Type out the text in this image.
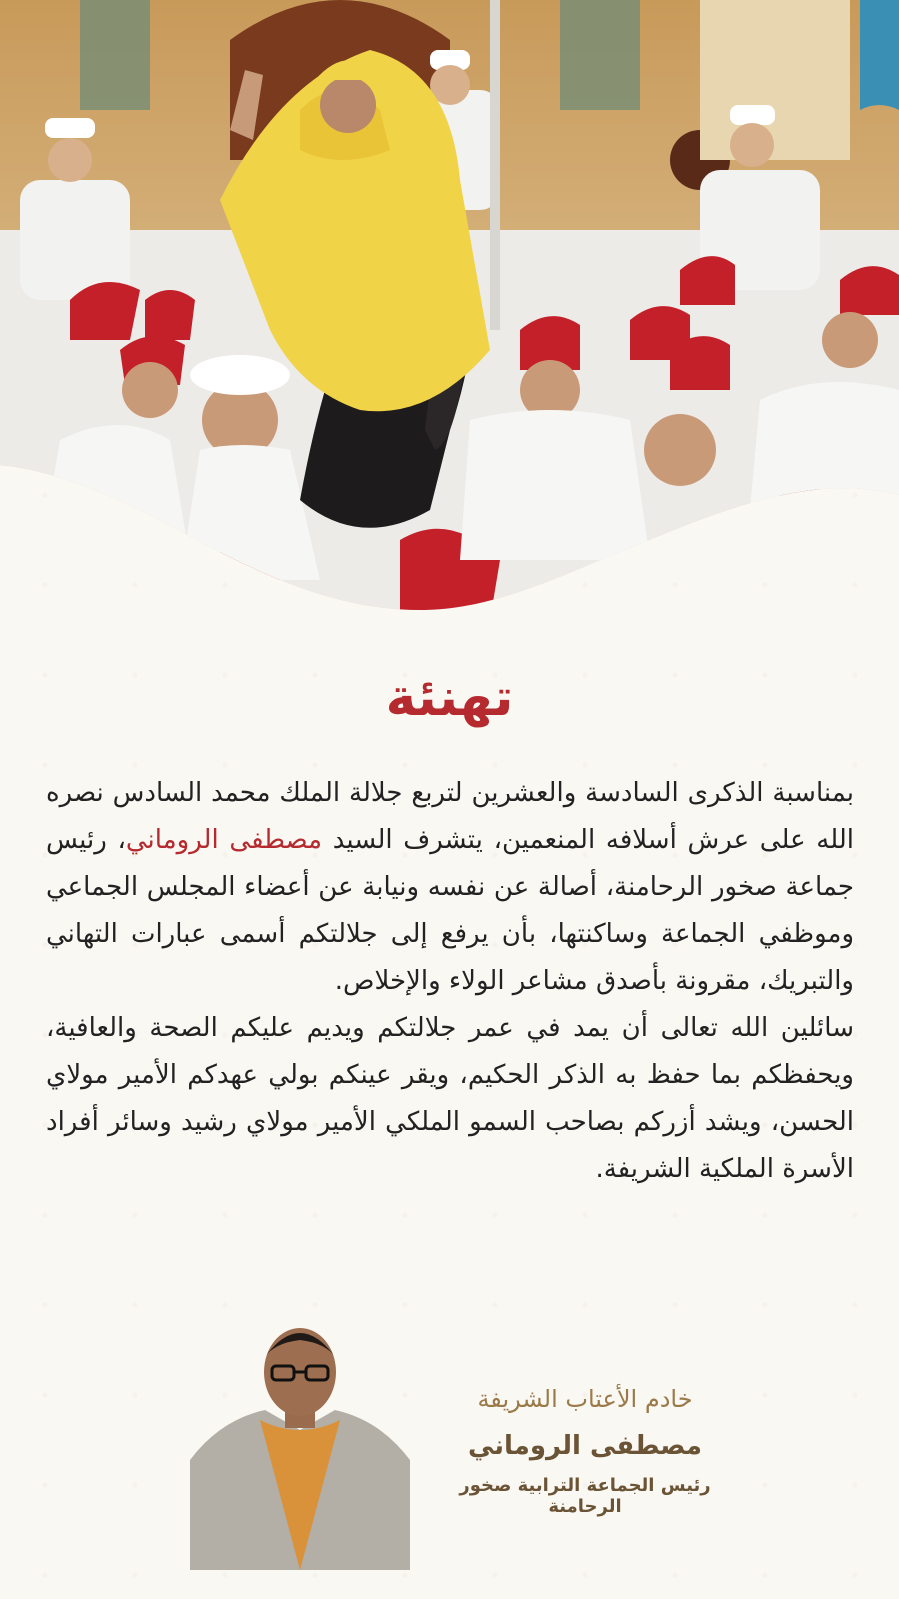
تهنئة

بمناسبة الذكرى السادسة والعشرين لتربع جلالة الملك محمد السادس نصره الله على عرش أسلافه المنعمين، يتشرف السيد مصطفى الروماني، رئيس جماعة صخور الرحامنة، أصالة عن نفسه ونيابة عن أعضاء المجلس الجماعي وموظفي الجماعة وساكنتها، بأن يرفع إلى جلالتكم أسمى عبارات التهاني والتبريك، مقرونة بأصدق مشاعر الولاء والإخلاص.

سائلين الله تعالى أن يمد في عمر جلالتكم ويديم عليكم الصحة والعافية، ويحفظكم بما حفظ به الذكر الحكيم، ويقر عينكم بولي عهدكم الأمير مولاي الحسن، ويشد أزركم بصاحب السمو الملكي الأمير مولاي رشيد وسائر أفراد الأسرة الملكية الشريفة.

خادم الأعتاب الشريفة

مصطفى الروماني

رئيس الجماعة الترابية صخور الرحامنة
